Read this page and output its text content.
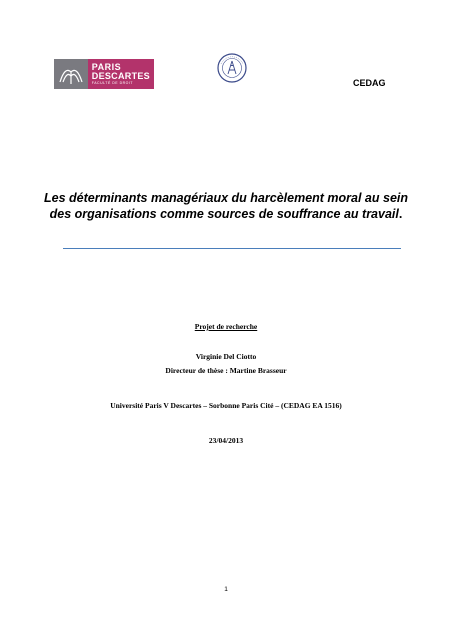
PARIS
DESCARTES
FACULTÉ DE DROIT	CEDAG
Les déterminants managériaux du harcèlement moral au sein des organisations comme sources de souffrance au travail.
Projet de recherche
Virginie Del Ciotto
Directeur de thèse : Martine Brasseur
Université Paris V Descartes – Sorbonne Paris Cité – (CEDAG EA 1516)
23/04/2013
1
